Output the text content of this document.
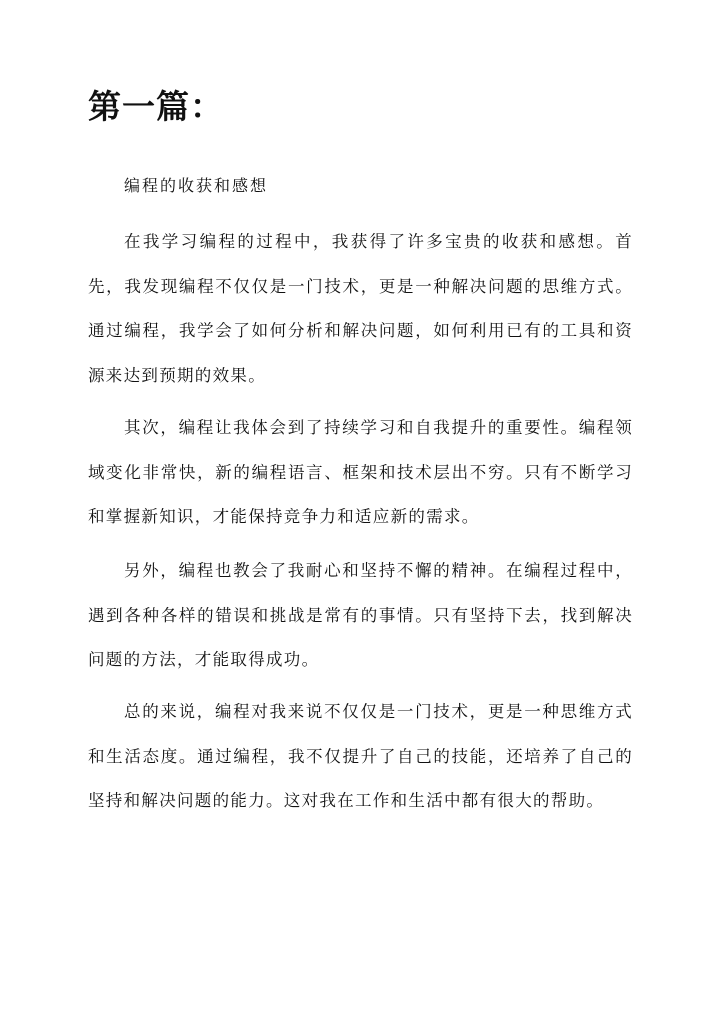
第一篇：

编程的收获和感想

在我学习编程的过程中，我获得了许多宝贵的收获和感想。首先，我发现编程不仅仅是一门技术，更是一种解决问题的思维方式。通过编程，我学会了如何分析和解决问题，如何利用已有的工具和资源来达到预期的效果。

其次，编程让我体会到了持续学习和自我提升的重要性。编程领域变化非常快，新的编程语言、框架和技术层出不穷。只有不断学习和掌握新知识，才能保持竞争力和适应新的需求。

另外，编程也教会了我耐心和坚持不懈的精神。在编程过程中，遇到各种各样的错误和挑战是常有的事情。只有坚持下去，找到解决问题的方法，才能取得成功。

总的来说，编程对我来说不仅仅是一门技术，更是一种思维方式和生活态度。通过编程，我不仅提升了自己的技能，还培养了自己的坚持和解决问题的能力。这对我在工作和生活中都有很大的帮助。
